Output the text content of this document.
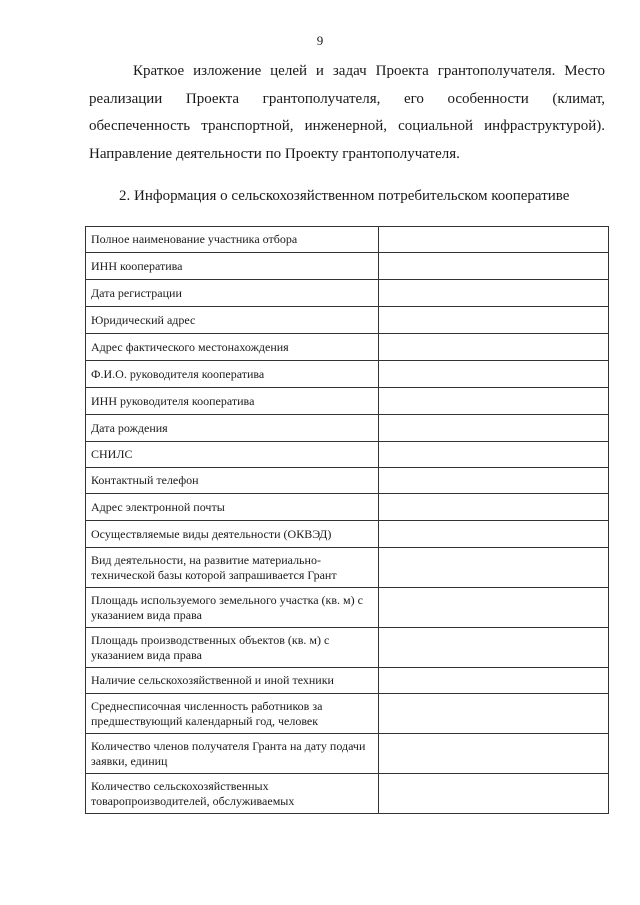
9

Краткое изложение целей и задач Проекта грантополучателя. Место реализации Проекта грантополучателя, его особенности (климат, обеспеченность транспортной, инженерной, социальной инфраструктурой). Направление деятельности по Проекту грантополучателя.

2. Информация о сельскохозяйственном потребительском кооперативе
Полное наименование участника отбора	
ИНН кооператива	
Дата регистрации	
Юридический адрес	
Адрес фактического местонахождения	
Ф.И.О. руководителя кооператива	
ИНН руководителя кооператива	
Дата рождения	
СНИЛС	
Контактный телефон	
Адрес электронной почты	
Осуществляемые виды деятельности (ОКВЭД)	
Вид деятельности, на развитие материально-технической базы которой запрашивается Грант	
Площадь используемого земельного участка (кв. м) с указанием вида права	
Площадь производственных объектов (кв. м) с указанием вида права	
Наличие сельскохозяйственной и иной техники	
Среднесписочная численность работников за предшествующий календарный год, человек	
Количество членов получателя Гранта на дату подачи заявки, единиц	
Количество сельскохозяйственных товаропроизводителей, обслуживаемых	
